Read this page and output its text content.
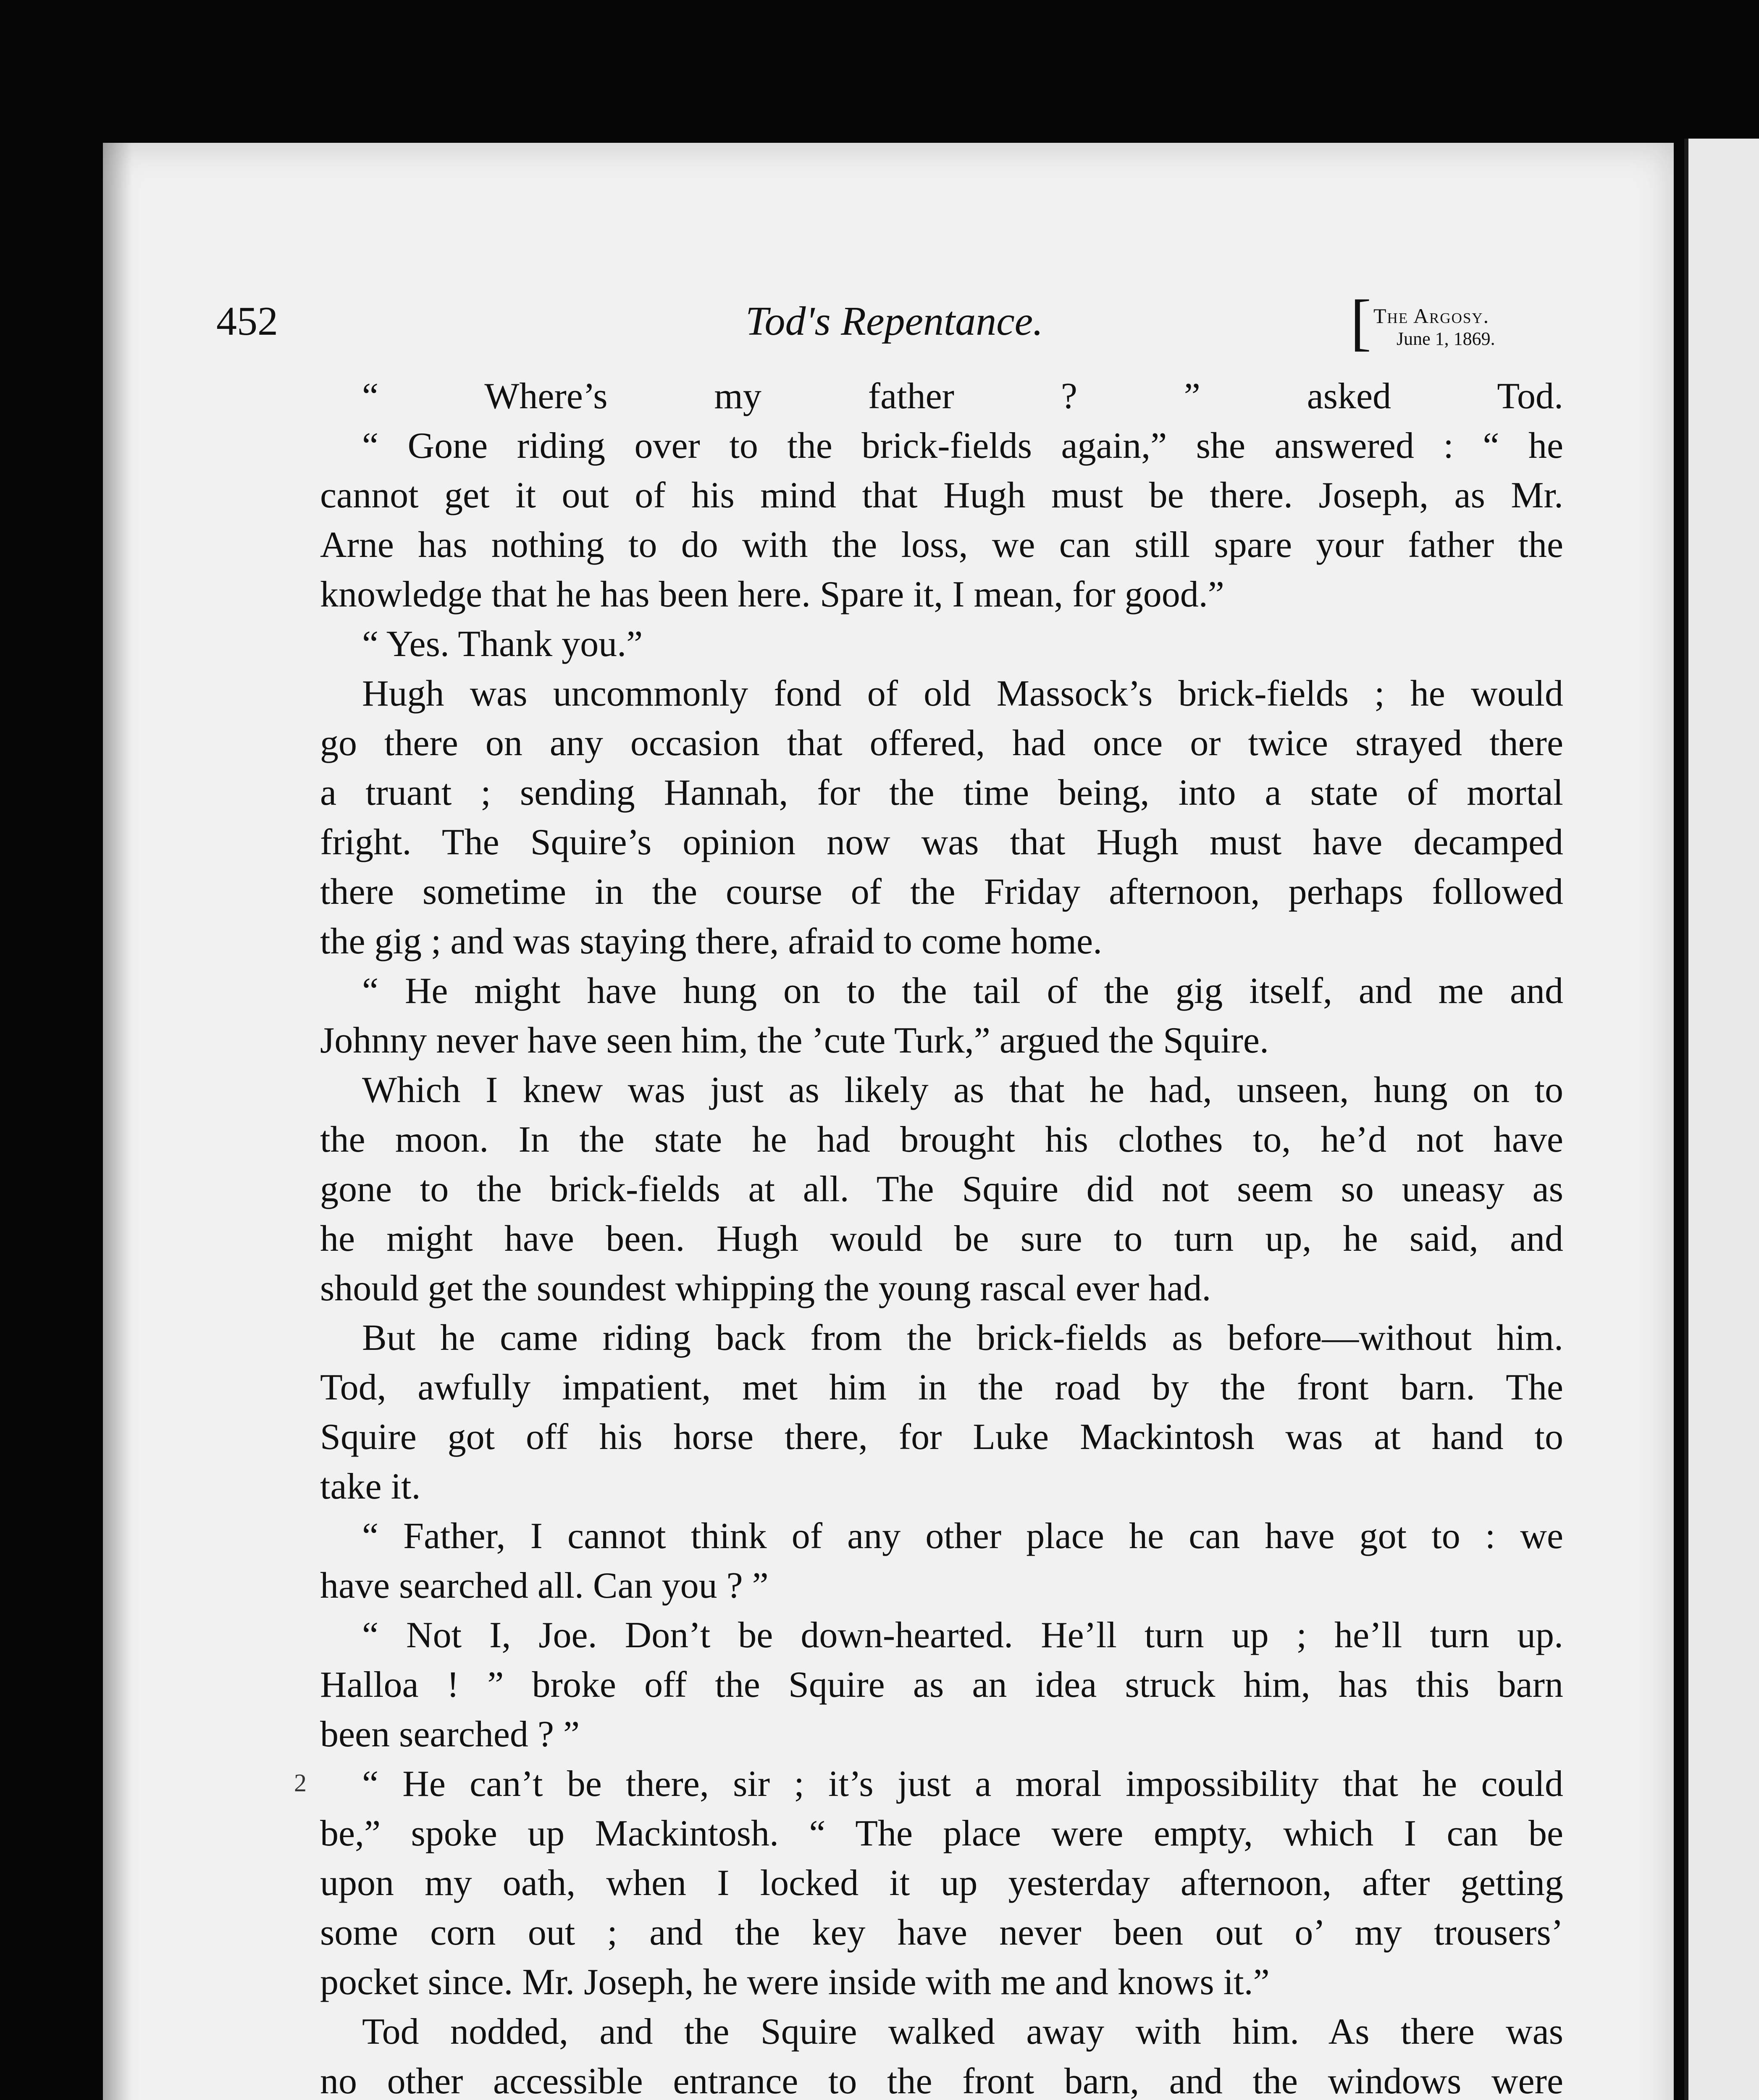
452	Tod's Repentance.	[ The Argosy.
June 1, 1869.
“ Where’s my father ? ” asked Tod.
“ Gone riding over to the brick-fields again,” she answered : “ he
cannot get it out of his mind that Hugh must be there. Joseph, as Mr.
Arne has nothing to do with the loss, we can still spare your father the
knowledge that he has been here. Spare it, I mean, for good.”
“ Yes. Thank you.”
Hugh was uncommonly fond of old Massock’s brick-fields ; he would
go there on any occasion that offered, had once or twice strayed there
a truant ; sending Hannah, for the time being, into a state of mortal
fright. The Squire’s opinion now was that Hugh must have decamped
there sometime in the course of the Friday afternoon, perhaps followed
the gig ; and was staying there, afraid to come home.
“ He might have hung on to the tail of the gig itself, and me and
Johnny never have seen him, the ’cute Turk,” argued the Squire.
Which I knew was just as likely as that he had, unseen, hung on to
the moon. In the state he had brought his clothes to, he’d not have
gone to the brick-fields at all. The Squire did not seem so uneasy as
he might have been. Hugh would be sure to turn up, he said, and
should get the soundest whipping the young rascal ever had.
But he came riding back from the brick-fields as before—without him.
Tod, awfully impatient, met him in the road by the front barn. The
Squire got off his horse there, for Luke Mackintosh was at hand to
take it.
“ Father, I cannot think of any other place he can have got to : we
have searched all. Can you ? ”
“ Not I, Joe. Don’t be down-hearted. He’ll turn up ; he’ll turn up.
Halloa ! ” broke off the Squire as an idea struck him, has this barn
been searched ? ”
“ He can’t be there, sir ; it’s just a moral impossibility that he could
be,” spoke up Mackintosh. “ The place were empty, which I can be
upon my oath, when I locked it up yesterday afternoon, after getting
some corn out ; and the key have never been out o’ my trousers’
pocket since. Mr. Joseph, he were inside with me and knows it.”
Tod nodded, and the Squire walked away with him. As there was
no other accessible entrance to the front barn, and the windows were
2
